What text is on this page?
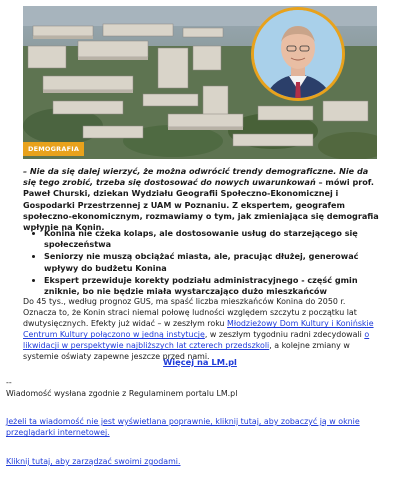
DEMOGRAFIA
– Nie da się dalej wierzyć, że można odwrócić trendy demograficzne. Nie da się tego zrobić, trzeba się dostosować do nowych uwarunkowań – mówi prof. Paweł Churski, dziekan Wydziału Geografii Społeczno-Ekonomicznej i Gospodarki Przestrzennej z UAM w Poznaniu. Z ekspertem, geografem społeczno-ekonomicznym, rozmawiamy o tym, jak zmieniająca się demografia wpłynie na Konin.
• Konina nie czeka kolaps, ale dostosowanie usług do starzejącego się społeczeństwa
• Seniorzy nie muszą obciążać miasta, ale, pracując dłużej, generować wpływy do budżetu Konina
• Ekspert przewiduje korekty podziału administracyjnego - część gmin zniknie, bo nie będzie miała wystarczająco dużo mieszkańców
Do 45 tys., według prognoz GUS, ma spaść liczba mieszkańców Konina do 2050 r. Oznacza to, że Konin straci niemal połowę ludności względem szczytu z początku lat dwutysięcznych. Efekty już widać – w zeszłym roku Młodzieżowy Dom Kultury i Konińskie Centrum Kultury połączono w jedną instytucję, w zeszłym tygodniu radni zdecydowali o likwidacji w perspektywie najbliższych lat czterech przedszkoli, a kolejne zmiany w systemie oświaty zapewne jeszcze przed nami.
Więcej na LM.pl
--
Wiadomość wysłana zgodnie z Regulaminem portalu LM.pl
Jeżeli ta wiadomość nie jest wyświetlana poprawnie, kliknij tutaj, aby zobaczyć ją w oknie przeglądarki internetowej.
Kliknij tutaj, aby zarządzać swoimi zgodami.
